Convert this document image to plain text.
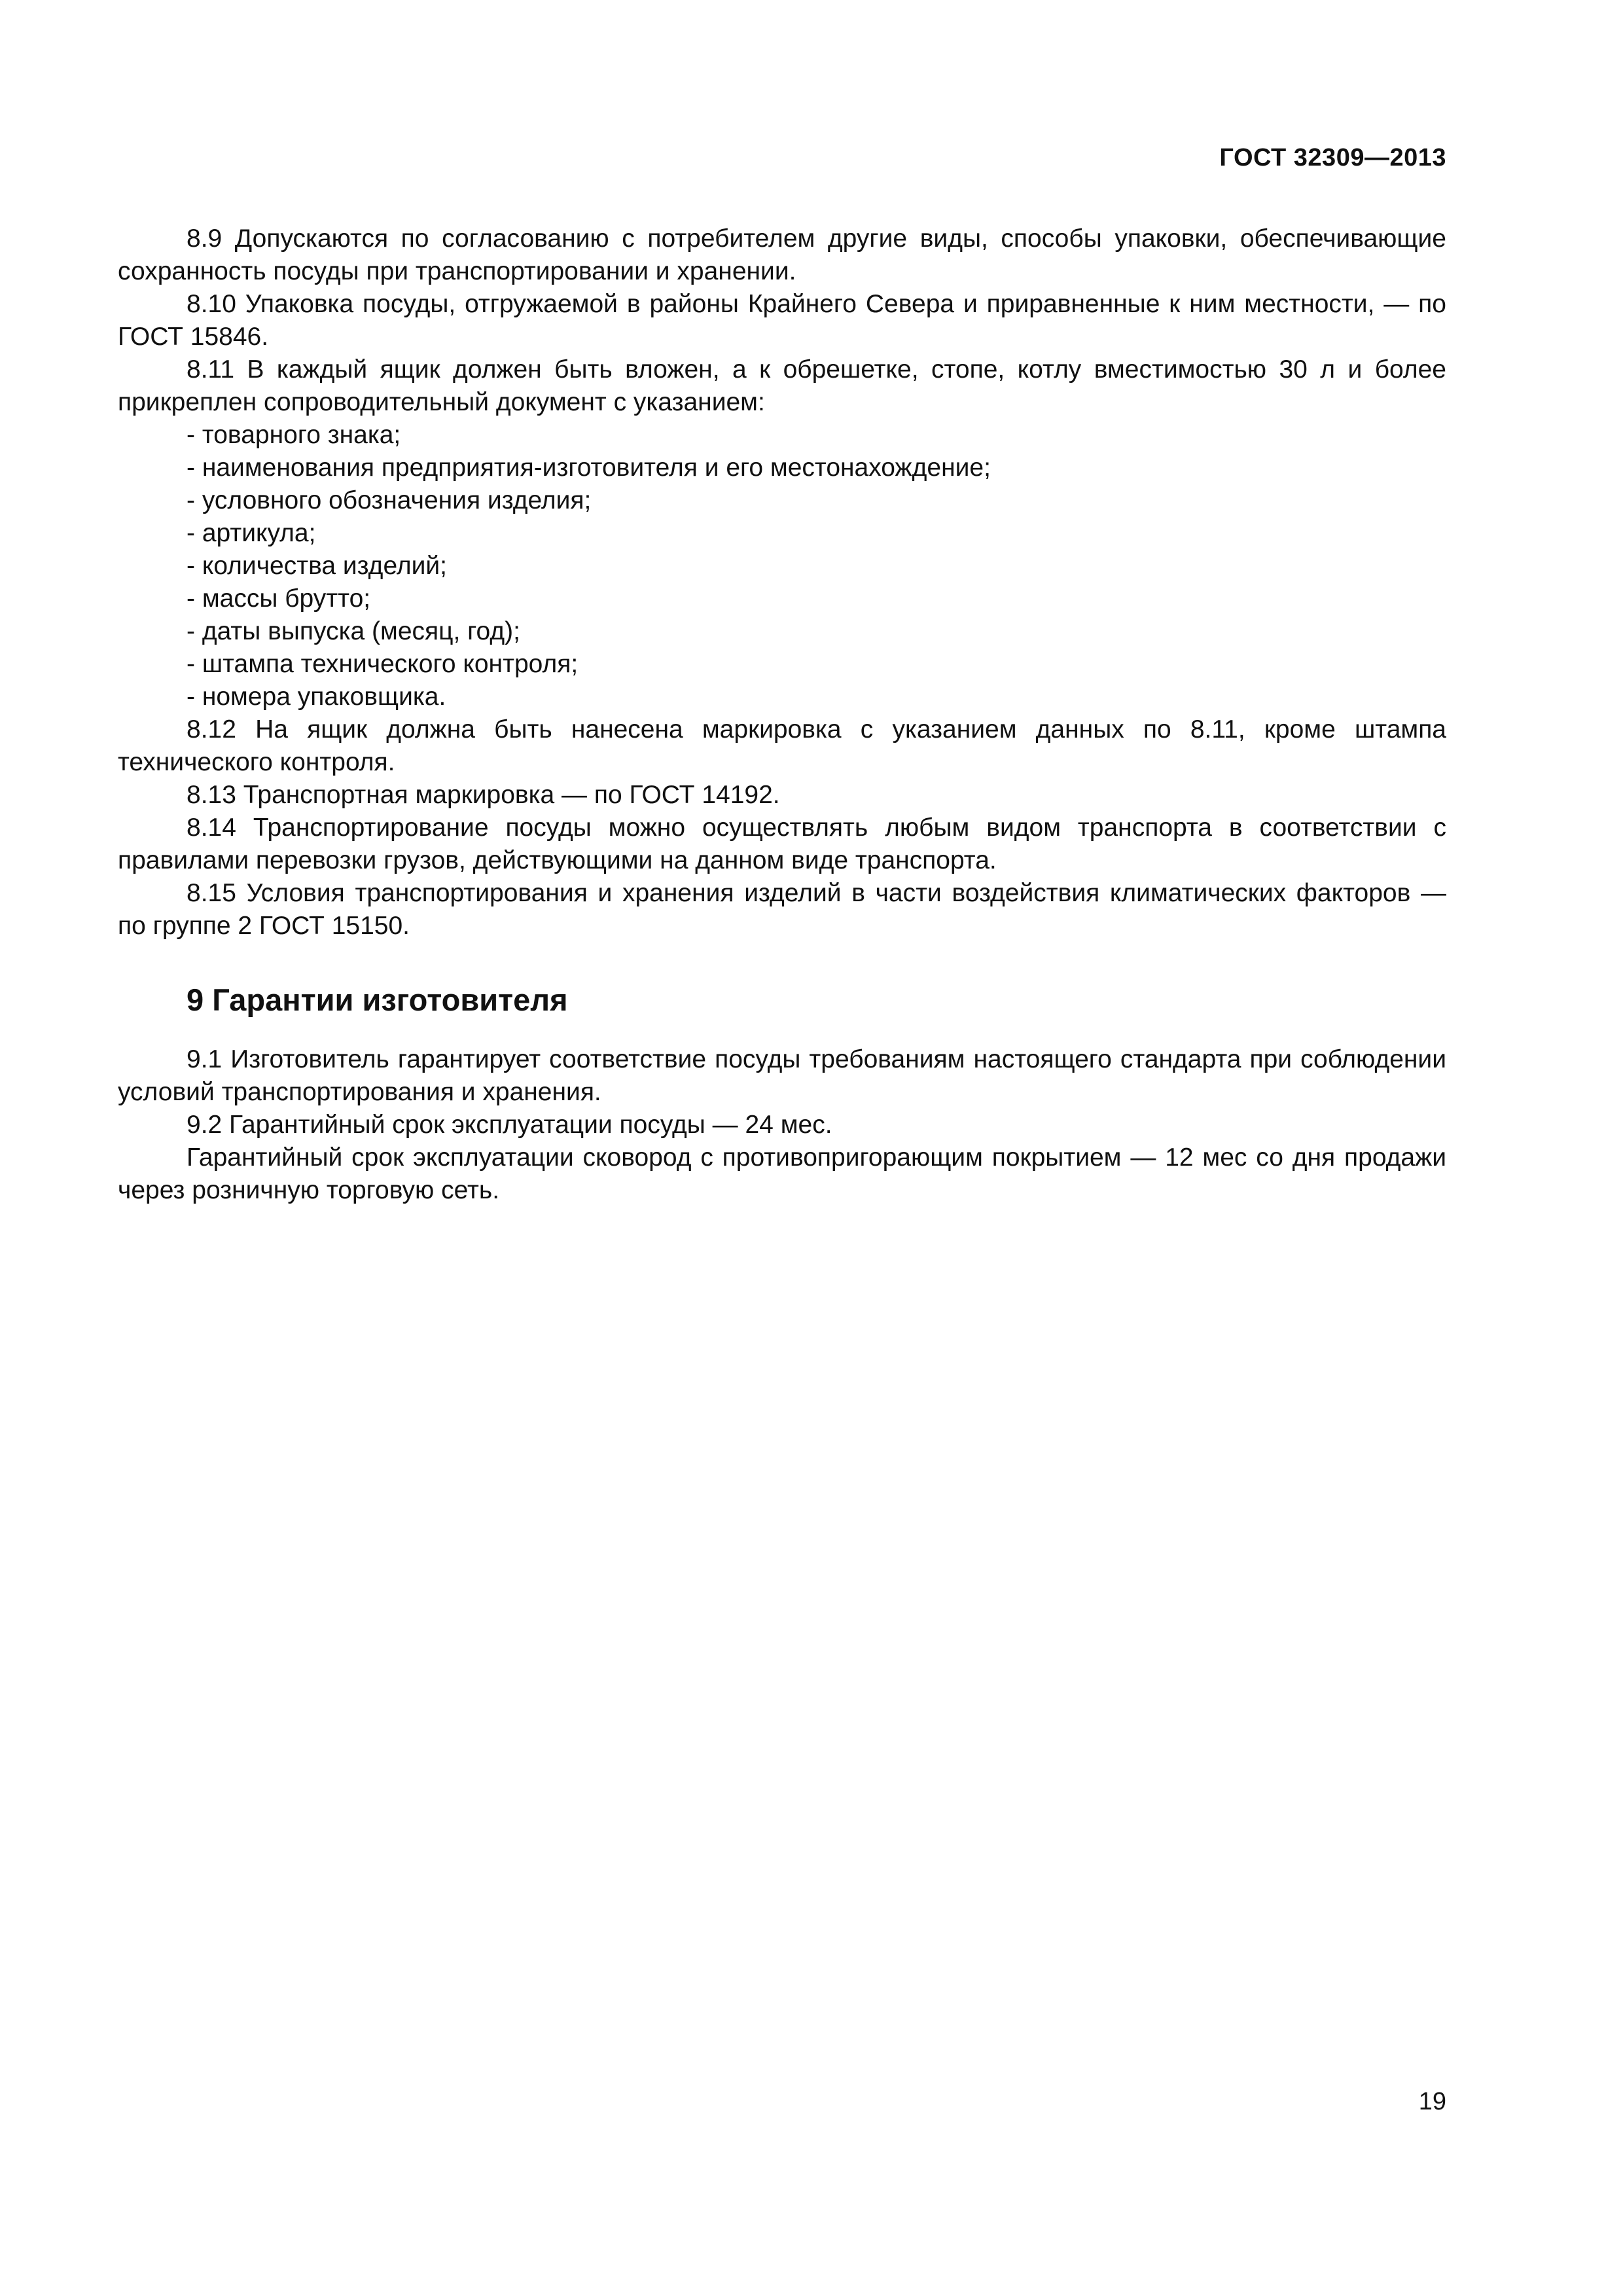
ГОСТ 32309—2013

8.9 Допускаются по согласованию с потребителем другие виды, способы упаковки, обеспечивающие сохранность посуды при транспортировании и хранении.

8.10 Упаковка посуды, отгружаемой в районы Крайнего Севера и приравненные к ним местности, — по ГОСТ 15846.

8.11 В каждый ящик должен быть вложен, а к обрешетке, стопе, котлу вместимостью 30 л и более прикреплен сопроводительный документ с указанием:

- товарного знака;

- наименования предприятия-изготовителя и его местонахождение;

- условного обозначения изделия;

- артикула;

- количества изделий;

- массы брутто;

- даты выпуска (месяц, год);

- штампа технического контроля;

- номера упаковщика.

8.12 На ящик должна быть нанесена маркировка с указанием данных по 8.11, кроме штампа технического контроля.

8.13 Транспортная маркировка — по ГОСТ 14192.

8.14 Транспортирование посуды можно осуществлять любым видом транспорта в соответствии с правилами перевозки грузов, действующими на данном виде транспорта.

8.15 Условия транспортирования и хранения изделий в части воздействия климатических факторов — по группе 2 ГОСТ 15150.

9 Гарантии изготовителя

9.1 Изготовитель гарантирует соответствие посуды требованиям настоящего стандарта при соблюдении условий транспортирования и хранения.

9.2 Гарантийный срок эксплуатации посуды — 24 мес.

Гарантийный срок эксплуатации сковород с противопригорающим покрытием — 12 мес со дня продажи через розничную торговую сеть.

19
